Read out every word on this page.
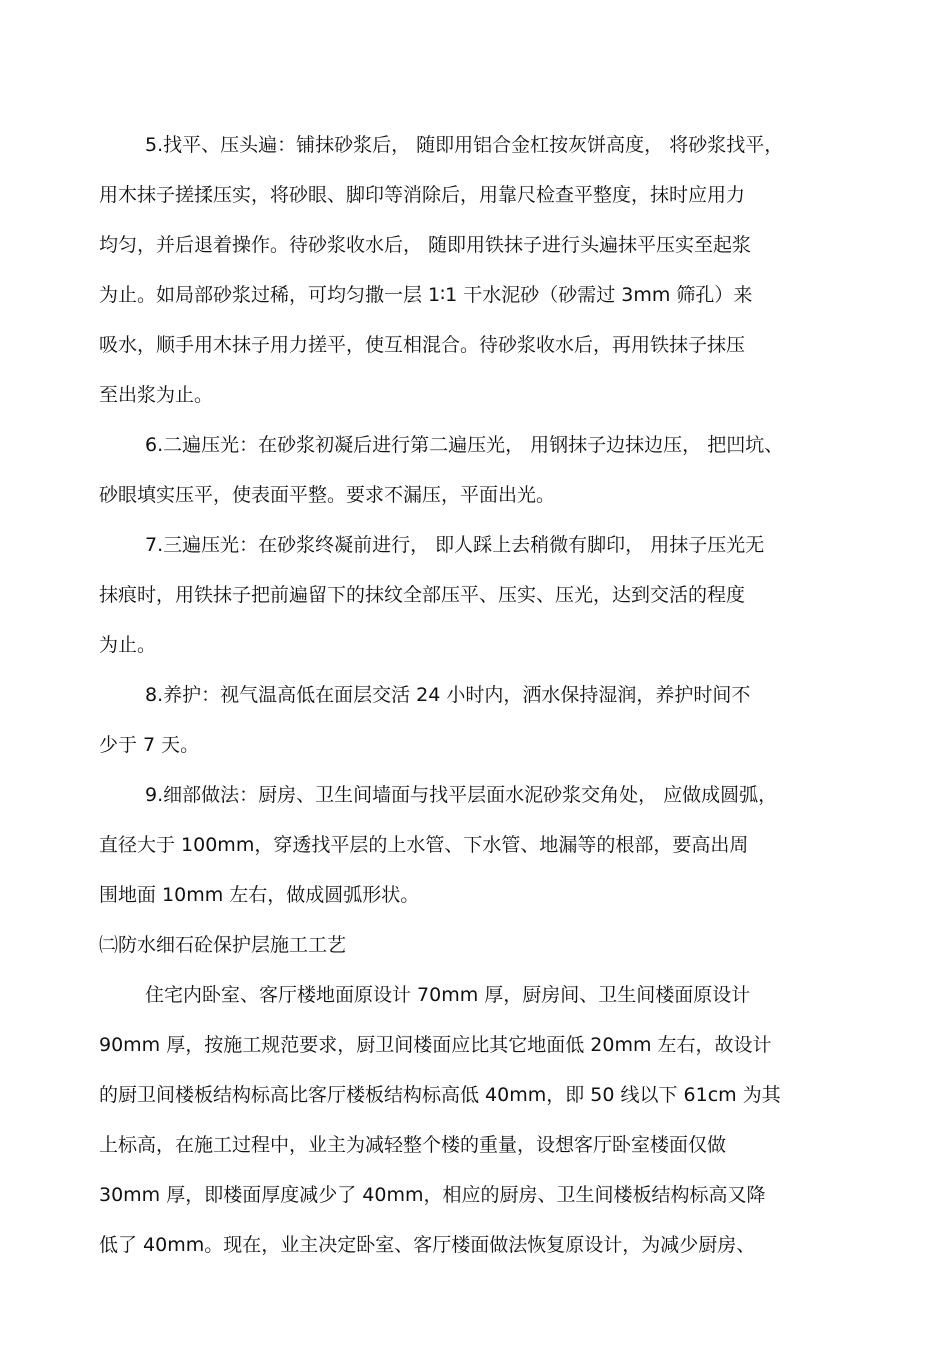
5.找平、压头遍：铺抹砂浆后， 随即用铝合金杠按灰饼高度， 将砂浆找平，
用木抹子搓揉压实，将砂眼、脚印等消除后，用靠尺检查平整度，抹时应用力
均匀，并后退着操作。待砂浆收水后， 随即用铁抹子进行头遍抹平压实至起浆
为止。如局部砂浆过稀，可均匀撒一层 1∶1 干水泥砂（砂需过 3mm 筛孔）来
吸水，顺手用木抹子用力搓平，使互相混合。待砂浆收水后，再用铁抹子抹压
至出浆为止。
6.二遍压光：在砂浆初凝后进行第二遍压光， 用钢抹子边抹边压， 把凹坑、
砂眼填实压平，使表面平整。要求不漏压，平面出光。
7.三遍压光：在砂浆终凝前进行， 即人踩上去稍微有脚印， 用抹子压光无
抹痕时，用铁抹子把前遍留下的抹纹全部压平、压实、压光，达到交活的程度
为止。
8.养护：视气温高低在面层交活 24 小时内，洒水保持湿润，养护时间不
少于 7 天。
9.细部做法：厨房、卫生间墙面与找平层面水泥砂浆交角处， 应做成圆弧，
直径大于 100mm，穿透找平层的上水管、下水管、地漏等的根部，要高出周
围地面 10mm 左右，做成圆弧形状。
㈡防水细石砼保护层施工工艺
住宅内卧室、客厅楼地面原设计 70mm 厚，厨房间、卫生间楼面原设计
90mm 厚，按施工规范要求，厨卫间楼面应比其它地面低 20mm 左右，故设计
的厨卫间楼板结构标高比客厅楼板结构标高低 40mm，即 50 线以下 61cm 为其
上标高，在施工过程中，业主为减轻整个楼的重量，设想客厅卧室楼面仅做
30mm 厚，即楼面厚度减少了 40mm，相应的厨房、卫生间楼板结构标高又降
低了 40mm。现在，业主决定卧室、客厅楼面做法恢复原设计，为减少厨房、
